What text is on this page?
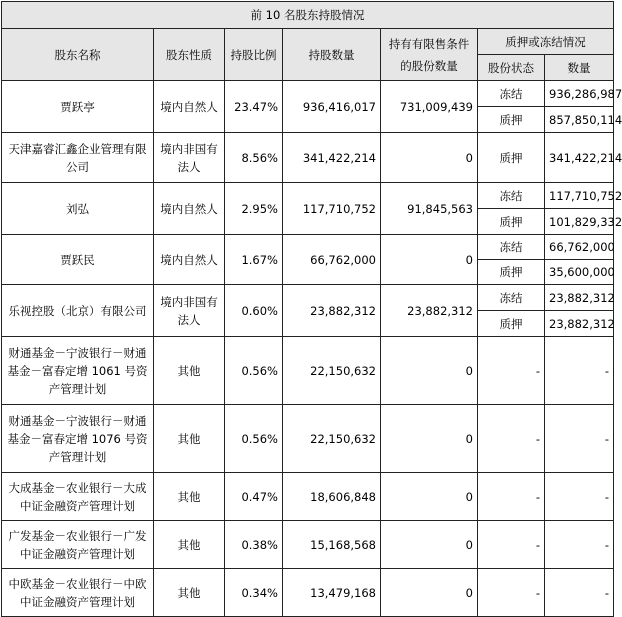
前 10 名股东持股情况						
股东名称	股东性质	持股比例	持股数量	持有有限售条件的股份数量	质押或冻结情况	
					股份状态	数量
贾跃亭	境内自然人	23.47%	936,416,017	731,009,439	冻结	936,286,987
					质押	857,850,114
天津嘉睿汇鑫企业管理有限公司	境内非国有法人	8.56%	341,422,214	0	质押	341,422,214
刘弘	境内自然人	2.95%	117,710,752	91,845,563	冻结	117,710,752
					质押	101,829,332
贾跃民	境内自然人	1.67%	66,762,000	0	冻结	66,762,000
					质押	35,600,000
乐视控股（北京）有限公司	境内非国有法人	0.60%	23,882,312	23,882,312	冻结	23,882,312
					质押	23,882,312
财通基金－宁波银行－财通基金－富春定增 1061 号资产管理计划	其他	0.56%	22,150,632	0	-	-
财通基金－宁波银行－财通基金－富春定增 1076 号资产管理计划	其他	0.56%	22,150,632	0	-	-
大成基金－农业银行－大成中证金融资产管理计划	其他	0.47%	18,606,848	0	-	-
广发基金－农业银行－广发中证金融资产管理计划	其他	0.38%	15,168,568	0	-	-
中欧基金－农业银行－中欧中证金融资产管理计划	其他	0.34%	13,479,168	0	-	-
